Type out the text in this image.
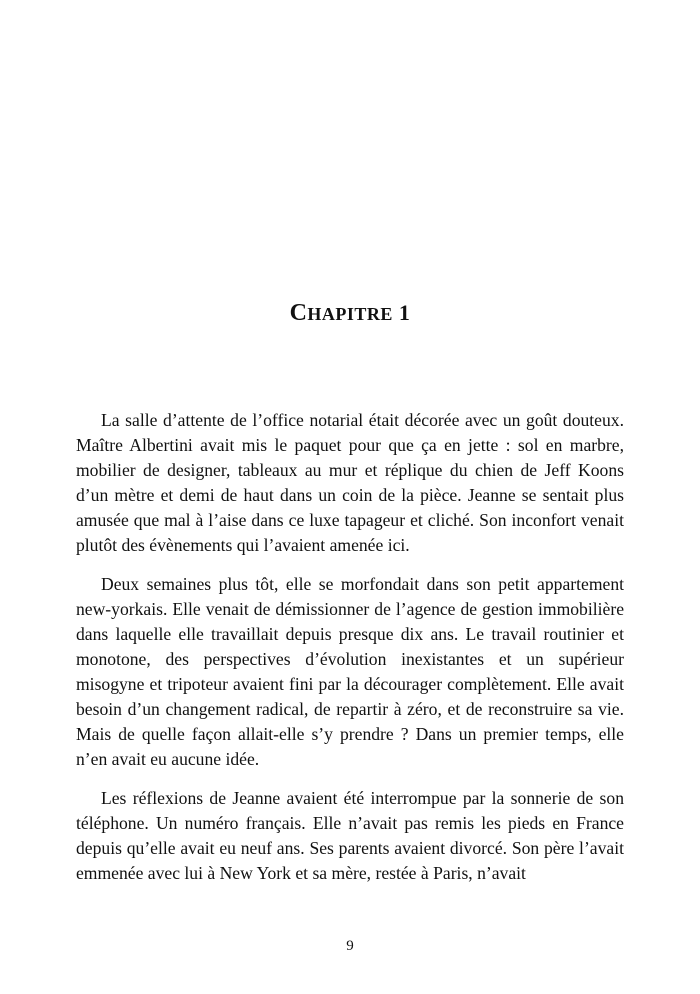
CHAPITRE 1

La salle d’attente de l’office notarial était décorée avec un goût douteux. Maître Albertini avait mis le paquet pour que ça en jette : sol en marbre, mobilier de designer, tableaux au mur et réplique du chien de Jeff Koons d’un mètre et demi de haut dans un coin de la pièce. Jeanne se sentait plus amusée que mal à l’aise dans ce luxe tapageur et cliché. Son inconfort venait plutôt des évènements qui l’avaient amenée ici.

Deux semaines plus tôt, elle se morfondait dans son petit appartement new-yorkais. Elle venait de démissionner de l’agence de gestion immobilière dans laquelle elle travaillait depuis presque dix ans. Le travail routinier et monotone, des perspectives d’évolution inexistantes et un supérieur misogyne et tripoteur avaient fini par la décourager complètement. Elle avait besoin d’un changement radical, de repartir à zéro, et de reconstruire sa vie. Mais de quelle façon allait-elle s’y prendre ? Dans un premier temps, elle n’en avait eu aucune idée.

Les réflexions de Jeanne avaient été interrompue par la sonnerie de son téléphone. Un numéro français. Elle n’avait pas remis les pieds en France depuis qu’elle avait eu neuf ans. Ses parents avaient divorcé. Son père l’avait emmenée avec lui à New York et sa mère, restée à Paris, n’avait

9
